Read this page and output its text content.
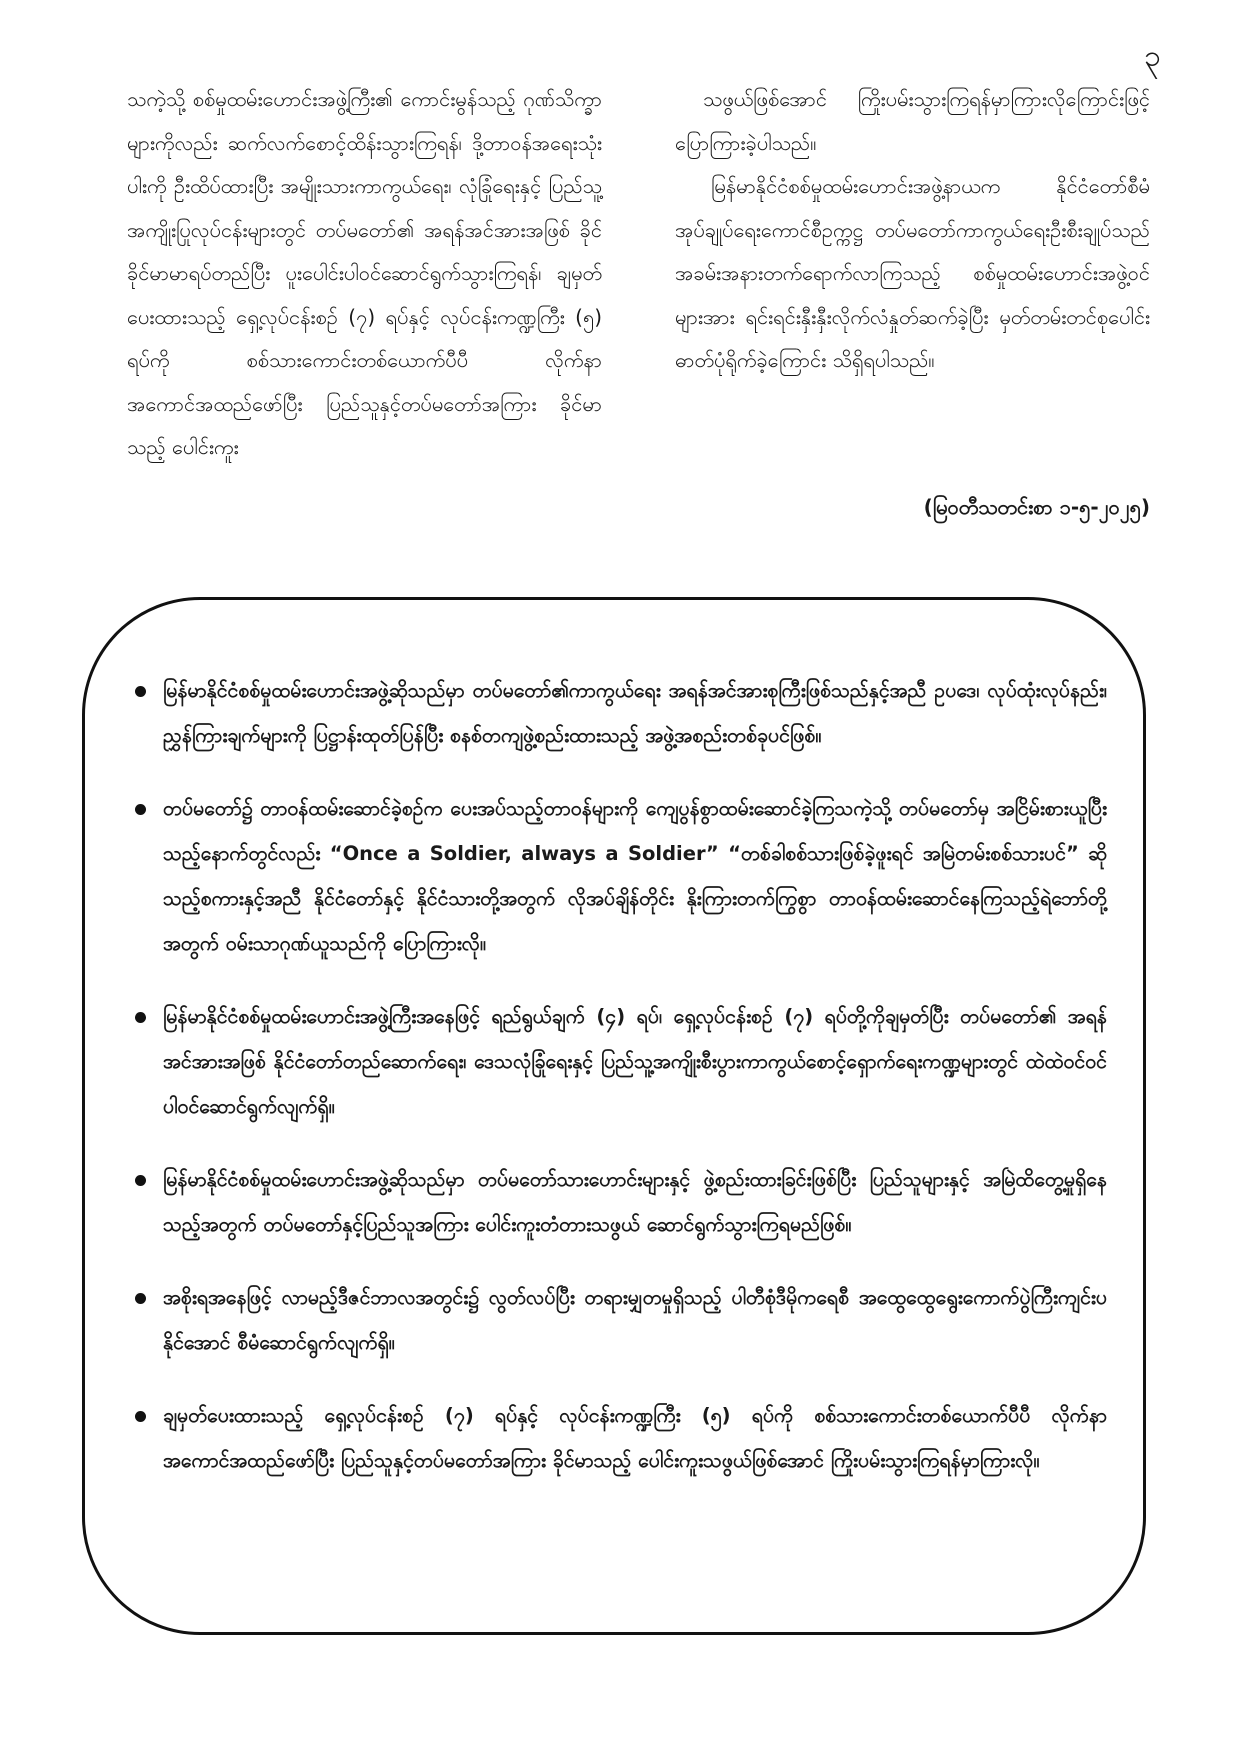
၃

သကဲ့သို့ စစ်မှုထမ်းဟောင်းအဖွဲ့ကြီး၏ ကောင်းမွန်သည့် ဂုဏ်သိက္ခာများကိုလည်း ဆက်လက်စောင့်ထိန်းသွားကြရန်၊ ဒို့တာဝန်အရေးသုံးပါးကို ဦးထိပ်ထားပြီး အမျိုးသားကာကွယ်ရေး၊ လုံခြုံရေးနှင့် ပြည်သူ့အကျိုးပြုလုပ်ငန်းများတွင် တပ်မတော်၏ အရန်အင်အားအဖြစ် ခိုင်ခိုင်မာမာရပ်တည်ပြီး ပူးပေါင်းပါဝင်ဆောင်ရွက်သွားကြရန်၊ ချမှတ်ပေးထားသည့် ရှေ့လုပ်ငန်းစဉ် (၇) ရပ်နှင့် လုပ်ငန်းကဏ္ဍကြီး (၅) ရပ်ကို စစ်သားကောင်းတစ်ယောက်ပီပီ လိုက်နာအကောင်အထည်ဖော်ပြီး ပြည်သူနှင့်တပ်မတော်အကြား ခိုင်မာသည့် ပေါင်းကူး

သဖွယ်ဖြစ်အောင် ကြိုးပမ်းသွားကြရန်မှာကြားလိုကြောင်းဖြင့် ပြောကြားခဲ့ပါသည်။

မြန်မာနိုင်ငံစစ်မှုထမ်းဟောင်းအဖွဲ့နာယက နိုင်ငံတော်စီမံအုပ်ချုပ်ရေးကောင်စီဥက္ကဋ္ဌ တပ်မတော်ကာကွယ်ရေးဦးစီးချုပ်သည် အခမ်းအနားတက်ရောက်လာကြသည့် စစ်မှုထမ်းဟောင်းအဖွဲ့ဝင်များအား ရင်းရင်းနှီးနှီးလိုက်လံနှုတ်ဆက်ခဲ့ပြီး မှတ်တမ်းတင်စုပေါင်းဓာတ်ပုံရိုက်ခဲ့ကြောင်း သိရှိရပါသည်။

(မြဝတီသတင်းစာ ၁-၅-၂၀၂၅)
မြန်မာနိုင်ငံစစ်မှုထမ်းဟောင်းအဖွဲ့ဆိုသည်မှာ တပ်မတော်၏ကာကွယ်ရေး အရန်အင်အားစုကြီးဖြစ်သည်နှင့်အညီ ဥပဒေ၊ လုပ်ထုံးလုပ်နည်း၊ ညွှန်ကြားချက်များကို ပြဋ္ဌာန်းထုတ်ပြန်ပြီး စနစ်တကျဖွဲ့စည်းထားသည့် အဖွဲ့အစည်းတစ်ခုပင်ဖြစ်။
တပ်မတော်၌ တာဝန်ထမ်းဆောင်ခဲ့စဉ်က ပေးအပ်သည့်တာဝန်များကို ကျေပွန်စွာထမ်းဆောင်ခဲ့ကြသကဲ့သို့ တပ်မတော်မှ အငြိမ်းစားယူပြီးသည့်နောက်တွင်လည်း “Once a Soldier, always a Soldier” “တစ်ခါစစ်သားဖြစ်ခဲ့ဖူးရင် အမြဲတမ်းစစ်သားပင်” ဆိုသည့်စကားနှင့်အညီ နိုင်ငံတော်နှင့် နိုင်ငံသားတို့အတွက် လိုအပ်ချိန်တိုင်း နိုးကြားတက်ကြွစွာ တာဝန်ထမ်းဆောင်နေကြသည့်ရဲဘော်တို့အတွက် ဝမ်းသာဂုဏ်ယူသည်ကို ပြောကြားလို။
မြန်မာနိုင်ငံစစ်မှုထမ်းဟောင်းအဖွဲ့ကြီးအနေဖြင့် ရည်ရွယ်ချက် (၄) ရပ်၊ ရှေ့လုပ်ငန်းစဉ် (၇) ရပ်တို့ကိုချမှတ်ပြီး တပ်မတော်၏ အရန်အင်အားအဖြစ် နိုင်ငံတော်တည်ဆောက်ရေး၊ ဒေသလုံခြုံရေးနှင့် ပြည်သူ့အကျိုးစီးပွားကာကွယ်စောင့်ရှောက်ရေးကဏ္ဍများတွင် ထဲထဲဝင်ဝင်ပါဝင်ဆောင်ရွက်လျက်ရှိ။
မြန်မာနိုင်ငံစစ်မှုထမ်းဟောင်းအဖွဲ့ဆိုသည်မှာ တပ်မတော်သားဟောင်းများနှင့် ဖွဲ့စည်းထားခြင်းဖြစ်ပြီး ပြည်သူများနှင့် အမြဲထိတွေ့မှုရှိနေသည့်အတွက် တပ်မတော်နှင့်ပြည်သူအကြား ပေါင်းကူးတံတားသဖွယ် ဆောင်ရွက်သွားကြရမည်ဖြစ်။
အစိုးရအနေဖြင့် လာမည့်ဒီဇင်ဘာလအတွင်း၌ လွတ်လပ်ပြီး တရားမျှတမှုရှိသည့် ပါတီစုံဒီမိုကရေစီ အထွေထွေရွေးကောက်ပွဲကြီးကျင်းပနိုင်အောင် စီမံဆောင်ရွက်လျက်ရှိ။
ချမှတ်ပေးထားသည့် ရှေ့လုပ်ငန်းစဉ် (၇) ရပ်နှင့် လုပ်ငန်းကဏ္ဍကြီး (၅) ရပ်ကို စစ်သားကောင်းတစ်ယောက်ပီပီ လိုက်နာအကောင်အထည်ဖော်ပြီး ပြည်သူနှင့်တပ်မတော်အကြား ခိုင်မာသည့် ပေါင်းကူးသဖွယ်ဖြစ်အောင် ကြိုးပမ်းသွားကြရန်မှာကြားလို။
